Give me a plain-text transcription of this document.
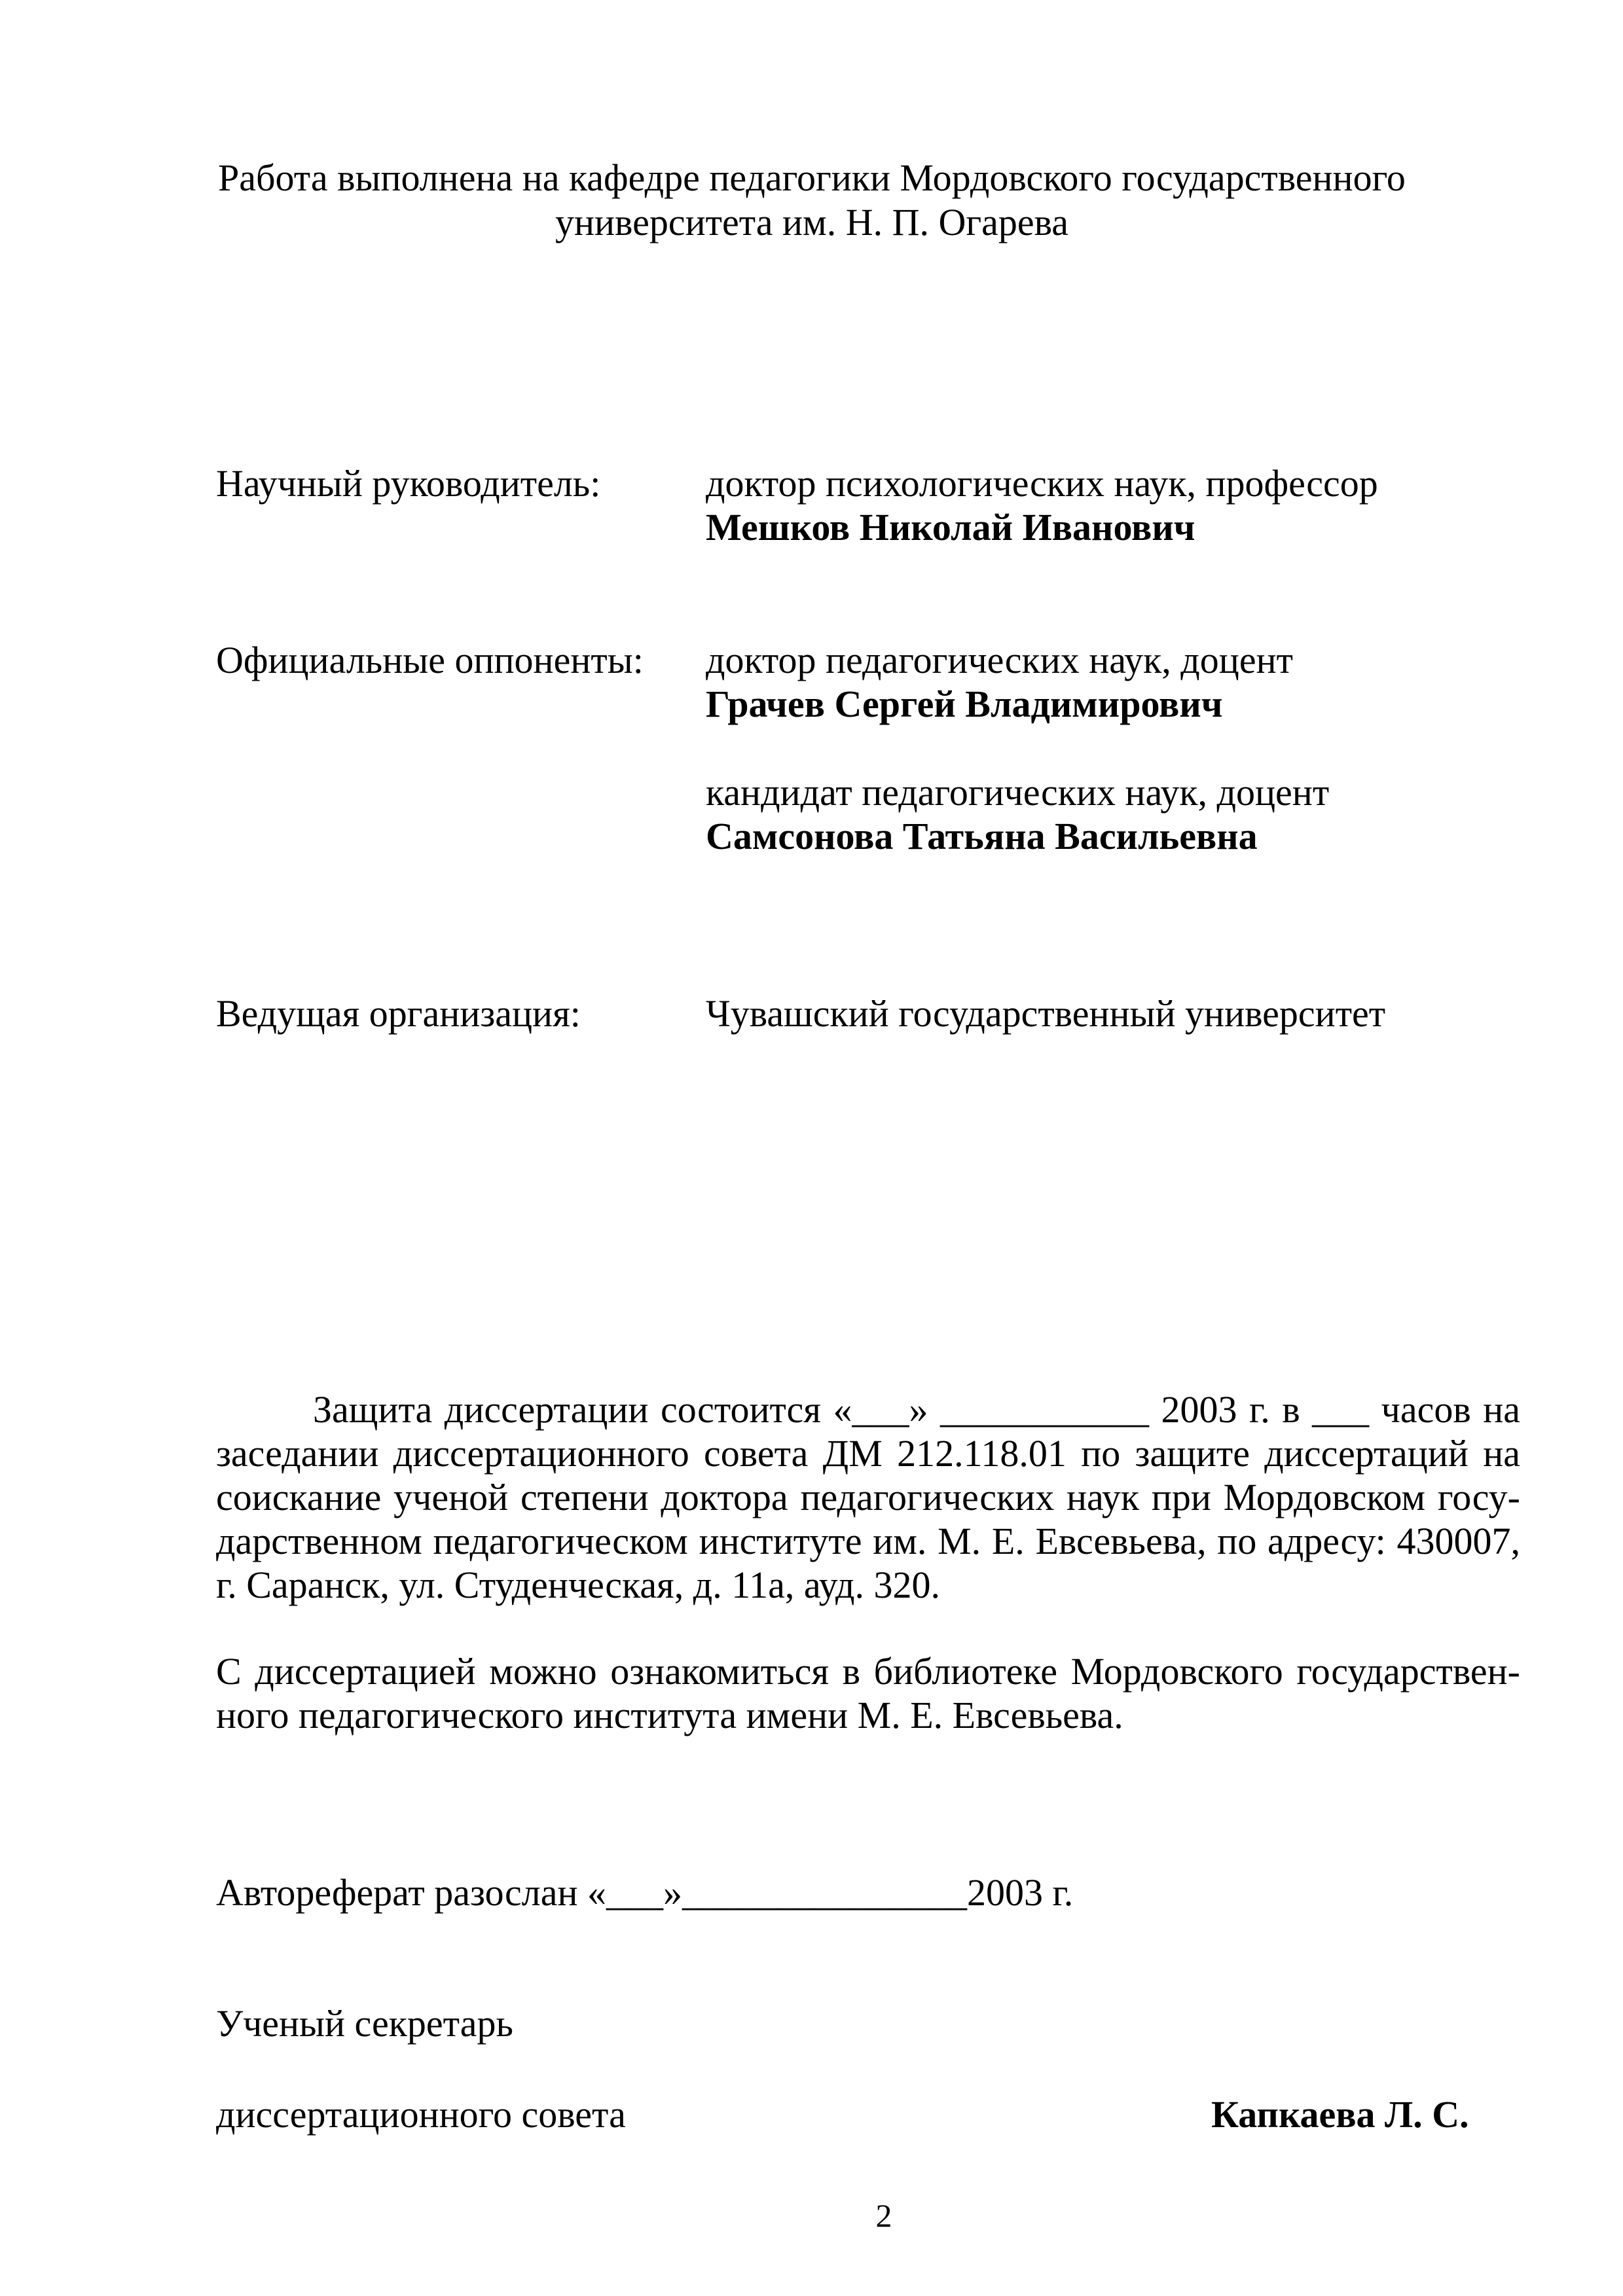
Работа выполнена на кафедре педагогики Мордовского государственного
университета им. Н. П. Огарева
Научный руководитель:	доктор психологических наук, профессор
Мешков Николай Иванович
Официальные оппоненты: доктор педагогических наук, доцент
Грачев Сергей Владимирович
кандидат педагогических наук, доцент
Самсонова Татьяна Васильевна
Ведущая организация:	Чувашский государственный университет
Защита диссертации состоится «___» ___________ 2003 г. в ___ часов на
заседании диссертационного совета ДМ 212.118.01 по защите диссертаций на
соискание ученой степени доктора педагогических наук при Мордовском госу-
дарственном педагогическом институте им. М. Е. Евсевьева, по адресу: 430007,
г. Саранск, ул. Студенческая, д. 11а, ауд. 320.
С диссертацией можно ознакомиться в библиотеке Мордовского государствен-
ного педагогического института имени М. Е. Евсевьева.
Автореферат разослан «___»_______________2003 г.
Ученый секретарь
диссертационного совета	Капкаева Л. С.
2
